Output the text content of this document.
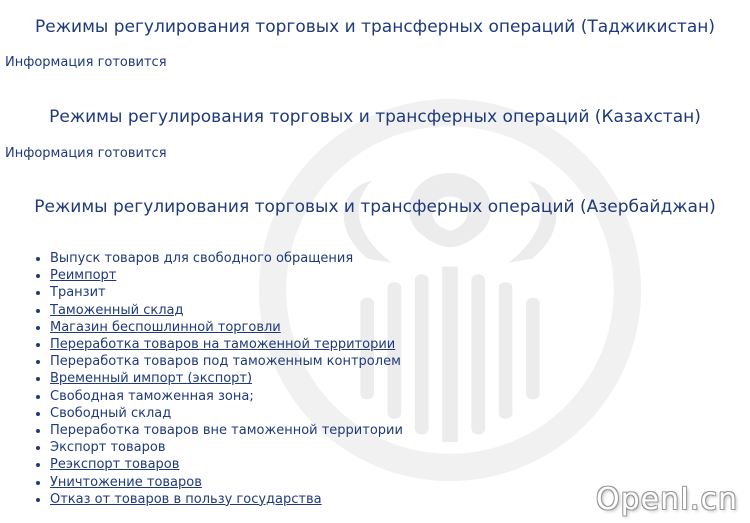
Режимы регулирования торговых и трансферных операций (Таджикистан)
Информация готовится
Режимы регулирования торговых и трансферных операций (Казахстан)
Информация готовится
Режимы регулирования торговых и трансферных операций (Азербайджан)
• Выпуск товаров для свободного обращения
• Реимпорт
• Транзит
• Таможенный склад
• Магазин беспошлинной торговли
• Переработка товаров на таможенной территории
• Переработка товаров под таможенным контролем
• Временный импорт (экспорт)
• Свободная таможенная зона;
• Свободный склад
• Переработка товаров вне таможенной территории
• Экспорт товаров
• Реэкспорт товаров
• Уничтожение товаров
• Отказ от товаров в пользу государства	OpenI.cn
